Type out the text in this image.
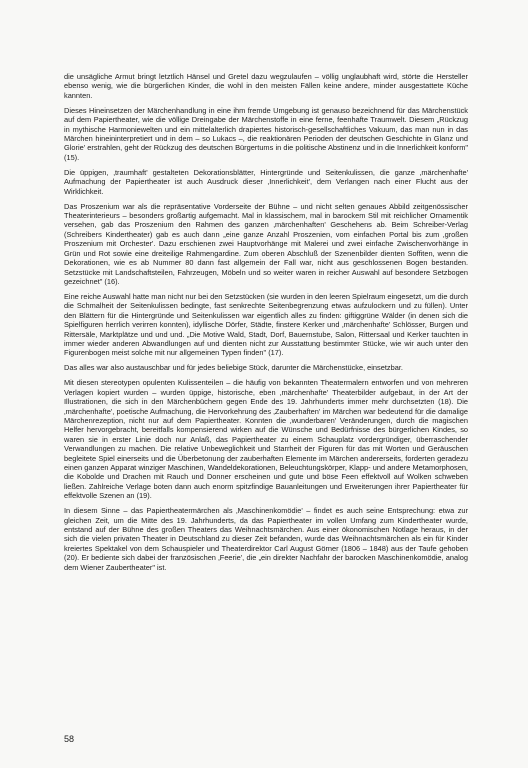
die unsägliche Armut bringt letztlich Hänsel und Gretel dazu wegzulaufen – völlig unglaubhaft wird, störte die Hersteller ebenso wenig, wie die bürgerlichen Kinder, die wohl in den meisten Fällen keine andere, minder ausgestattete Küche kannten.

Dieses Hineinsetzen der Märchenhandlung in eine ihm fremde Umgebung ist genauso bezeichnend für das Märchenstück auf dem Papiertheater, wie die völlige Dreingabe der Märchenstoffe in eine ferne, feenhafte Traumwelt. Diesem „Rückzug in mythische Harmoniewelten und ein mittelalterlich drapiertes historisch-gesellschaftliches Vakuum, das man nun in das Märchen hineininterpretiert und in dem – so Lukacs –, die reaktionären Perioden der deutschen Geschichte in Glanz und Glorie' erstrahlen, geht der Rückzug des deutschen Bürgertums in die politische Abstinenz und in die Innerlichkeit konform" (15).

Die üppigen, ‚traumhaft' gestalteten Dekorationsblätter, Hintergründe und Seitenkulissen, die ganze ‚märchenhafte' Aufmachung der Papiertheater ist auch Ausdruck dieser ‚Innerlichkeit', dem Verlangen nach einer Flucht aus der Wirklichkeit.

Das Proszenium war als die repräsentative Vorderseite der Bühne – und nicht selten genaues Abbild zeitgenössischer Theaterinterieurs – besonders großartig aufgemacht. Mal in klassischem, mal in barockem Stil mit reichlicher Ornamentik versehen, gab das Proszenium den Rahmen des ganzen ‚märchenhaften' Geschehens ab. Beim Schreiber-Verlag (Schreibers Kindertheater) gab es auch dann „eine ganze Anzahl Proszenien, vom einfachen Portal bis zum ‚großen Proszenium mit Orchester'. Dazu erschienen zwei Hauptvorhänge mit Malerei und zwei einfache Zwischenvorhänge in Grün und Rot sowie eine dreiteilige Rahmengardine. Zum oberen Abschluß der Szenenbilder dienten Soffiten, wenn die Dekorationen, wie es ab Nummer 80 dann fast allgemein der Fall war, nicht aus geschlossenen Bogen bestanden. Setzstücke mit Landschaftsteilen, Fahrzeugen, Möbeln und so weiter waren in reicher Auswahl auf besondere Setzbogen gezeichnet" (16).

Eine reiche Auswahl hatte man nicht nur bei den Setzstücken (sie wurden in den leeren Spielraum eingesetzt, um die durch die Schmalheit der Seitenkulissen bedingte, fast senkrechte Seitenbegrenzung etwas aufzulockern und zu füllen). Unter den Blättern für die Hintergründe und Seitenkulissen war eigentlich alles zu finden: giftiggrüne Wälder (in denen sich die Spielfiguren herrlich verirren konnten), idyllische Dörfer, Städte, finstere Kerker und ‚märchenhafte' Schlösser, Burgen und Rittersäle, Marktplätze und und und. „Die Motive Wald, Stadt, Dorf, Bauernstube, Salon, Rittersaal und Kerker tauchten in immer wieder anderen Abwandlungen auf und dienten nicht zur Ausstattung bestimmter Stücke, wie wir auch unter den Figurenbogen meist solche mit nur allgemeinen Typen finden" (17).

Das alles war also austauschbar und für jedes beliebige Stück, darunter die Märchenstücke, einsetzbar.

Mit diesen stereotypen opulenten Kulissenteilen – die häufig von bekannten Theatermalern entworfen und von mehreren Verlagen kopiert wurden – wurden üppige, historische, eben ‚märchenhafte' Theaterbilder aufgebaut, in der Art der Illustrationen, die sich in den Märchenbüchern gegen Ende des 19. Jahrhunderts immer mehr durchsetzten (18). Die ‚märchenhafte', poetische Aufmachung, die Hervorkehrung des ‚Zauberhaften' im Märchen war bedeutend für die damalige Märchenrezeption, nicht nur auf dem Papiertheater. Konnten die ‚wunderbaren' Veränderungen, durch die magischen Helfer hervorgebracht, bereitfalls kompensierend wirken auf die Wünsche und Bedürfnisse des bürgerlichen Kindes, so waren sie in erster Linie doch nur Anlaß, das Papiertheater zu einem Schauplatz vordergründiger, überraschender Verwandlungen zu machen. Die relative Unbeweglichkeit und Starrheit der Figuren für das mit Worten und Geräuschen begleitete Spiel einerseits und die Überbetonung der zauberhaften Elemente im Märchen andererseits, forderten geradezu einen ganzen Apparat winziger Maschinen, Wandeldekorationen, Beleuchtungskörper, Klapp- und andere Metamorphosen, die Kobolde und Drachen mit Rauch und Donner erscheinen und gute und böse Feen effektvoll auf Wolken schweben ließen. Zahlreiche Verlage boten dann auch enorm spitzfindige Bauanleitungen und Erweiterungen ihrer Papiertheater für effektvolle Szenen an (19).

In diesem Sinne – das Papiertheatermärchen als ‚Maschinenkomödie' – findet es auch seine Entsprechung: etwa zur gleichen Zeit, um die Mitte des 19. Jahrhunderts, da das Papiertheater im vollen Umfang zum Kindertheater wurde, entstand auf der Bühne des großen Theaters das Weihnachtsmärchen. Aus einer ökonomischen Notlage heraus, in der sich die vielen privaten Theater in Deutschland zu dieser Zeit befanden, wurde das Weihnachtsmärchen als ein für Kinder kreiertes Spektakel von dem Schauspieler und Theaterdirektor Carl August Görner (1806 – 1848) aus der Taufe gehoben (20). Er bediente sich dabei der französischen ‚Feerie', die „ein direkter Nachfahr der barocken Maschinenkomödie, analog dem Wiener Zaubertheater" ist.

58
